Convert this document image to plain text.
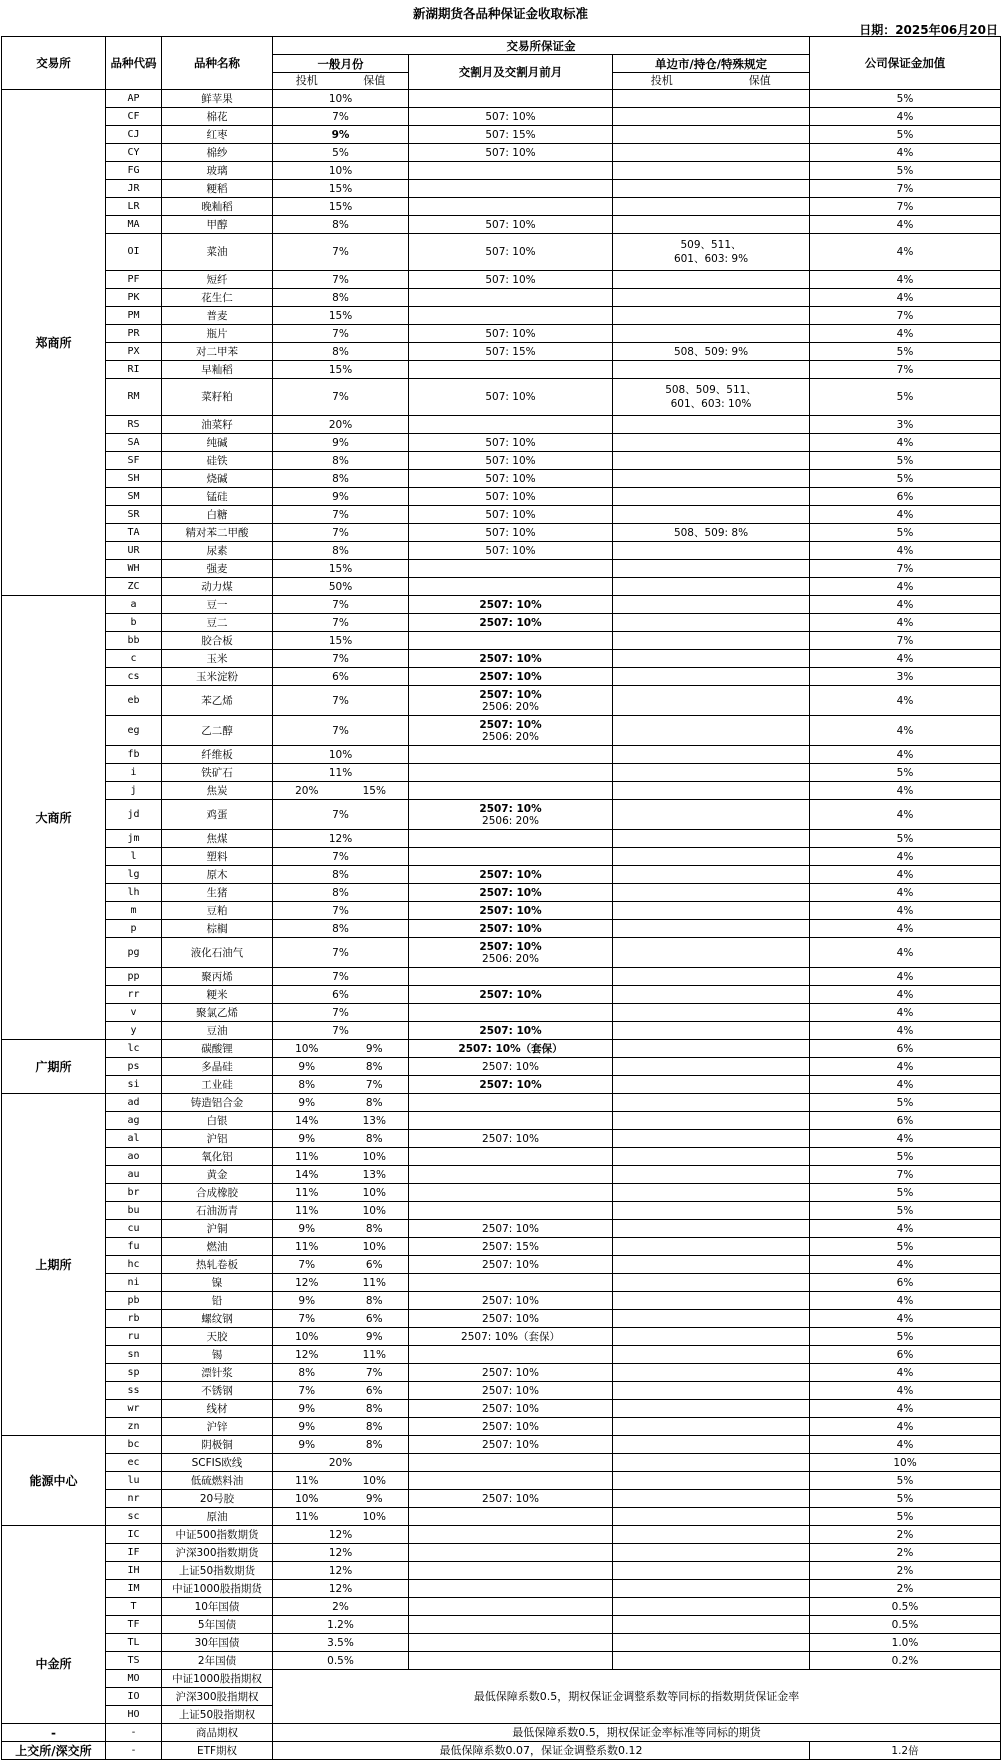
新湖期货各品种保证金收取标准
日期：2025年06月20日
交易所	品种代码	品种名称	交易所保证金					公司保证金加值
			一般月份		交割月及交割月前月	单边市/持仓/特殊规定		
			投机	保值		投机	保值	
郑商所	AP	鲜苹果	10%					5%
	CF	棉花	7%		507: 10%			4%
	CJ	红枣	9%		507: 15%			5%
	CY	棉纱	5%		507: 10%			4%
	FG	玻璃	10%					5%
	JR	粳稻	15%					7%
	LR	晚籼稻	15%					7%
	MA	甲醇	8%		507: 10%			4%
	OI	菜油	7%		507: 10%	509、511、
601、603: 9%		4%
	PF	短纤	7%		507: 10%			4%
	PK	花生仁	8%					4%
	PM	普麦	15%					7%
	PR	瓶片	7%		507: 10%			4%
	PX	对二甲苯	8%		507: 15%	508、509: 9%		5%
	RI	早籼稻	15%					7%
	RM	菜籽粕	7%		507: 10%	508、509、511、
601、603: 10%		5%
	RS	油菜籽	20%					3%
	SA	纯碱	9%		507: 10%			4%
	SF	硅铁	8%		507: 10%			5%
	SH	烧碱	8%		507: 10%			5%
	SM	锰硅	9%		507: 10%			6%
	SR	白糖	7%		507: 10%			4%
	TA	精对苯二甲酸	7%		507: 10%	508、509: 8%		5%
	UR	尿素	8%		507: 10%			4%
	WH	强麦	15%					7%
	ZC	动力煤	50%					4%
大商所	a	豆一	7%		2507: 10%			4%
	b	豆二	7%		2507: 10%			4%
	bb	胶合板	15%					7%
	c	玉米	7%		2507: 10%			4%
	cs	玉米淀粉	6%		2507: 10%			3%
	eb	苯乙烯	7%		2507: 10%
2506: 20%			4%
	eg	乙二醇	7%		2507: 10%
2506: 20%			4%
	fb	纤维板	10%					4%
	i	铁矿石	11%					5%
	j	焦炭	20%	15%				4%
	jd	鸡蛋	7%		2507: 10%
2506: 20%			4%
	jm	焦煤	12%					5%
	l	塑料	7%					4%
	lg	原木	8%		2507: 10%			4%
	lh	生猪	8%		2507: 10%			4%
	m	豆粕	7%		2507: 10%			4%
	p	棕榈	8%		2507: 10%			4%
	pg	液化石油气	7%		2507: 10%
2506: 20%			4%
	pp	聚丙烯	7%					4%
	rr	粳米	6%		2507: 10%			4%
	v	聚氯乙烯	7%					4%
	y	豆油	7%		2507: 10%			4%
广期所	lc	碳酸锂	10%	9%	2507: 10%（套保）			6%
	ps	多晶硅	9%	8%	2507: 10%			4%
	si	工业硅	8%	7%	2507: 10%			4%
上期所	ad	铸造铝合金	9%	8%				5%
	ag	白银	14%	13%				6%
	al	沪铝	9%	8%	2507: 10%			4%
	ao	氧化铝	11%	10%				5%
	au	黄金	14%	13%				7%
	br	合成橡胶	11%	10%				5%
	bu	石油沥青	11%	10%				5%
	cu	沪铜	9%	8%	2507: 10%			4%
	fu	燃油	11%	10%	2507: 15%			5%
	hc	热轧卷板	7%	6%	2507: 10%			4%
	ni	镍	12%	11%				6%
	pb	铅	9%	8%	2507: 10%			4%
	rb	螺纹钢	7%	6%	2507: 10%			4%
	ru	天胶	10%	9%	2507: 10%（套保）			5%
	sn	锡	12%	11%				6%
	sp	漂针浆	8%	7%	2507: 10%			4%
	ss	不锈钢	7%	6%	2507: 10%			4%
	wr	线材	9%	8%	2507: 10%			4%
	zn	沪锌	9%	8%	2507: 10%			4%
能源中心	bc	阴极铜	9%	8%	2507: 10%			4%
	ec	SCFIS欧线	20%					10%
	lu	低硫燃料油	11%	10%				5%
	nr	20号胶	10%	9%	2507: 10%			5%
	sc	原油	11%	10%				5%
中金所	IC	中证500指数期货	12%					2%
	IF	沪深300指数期货	12%					2%
	IH	上证50指数期货	12%					2%
	IM	中证1000股指期货	12%					2%
	T	10年国债	2%					0.5%
	TF	5年国债	1.2%					0.5%
	TL	30年国债	3.5%					1.0%
	TS	2年国债	0.5%					0.2%
	MO	中证1000股指期权	最低保障系数0.5，期权保证金调整系数等同标的指数期货保证金率					
	IO	沪深300股指期权						
	HO	上证50股指期权						
-	-	商品期权	最低保障系数0.5，期权保证金率标准等同标的期货					
上交所/深交所	-	ETF期权	最低保障系数0.07，保证金调整系数0.12					1.2倍
